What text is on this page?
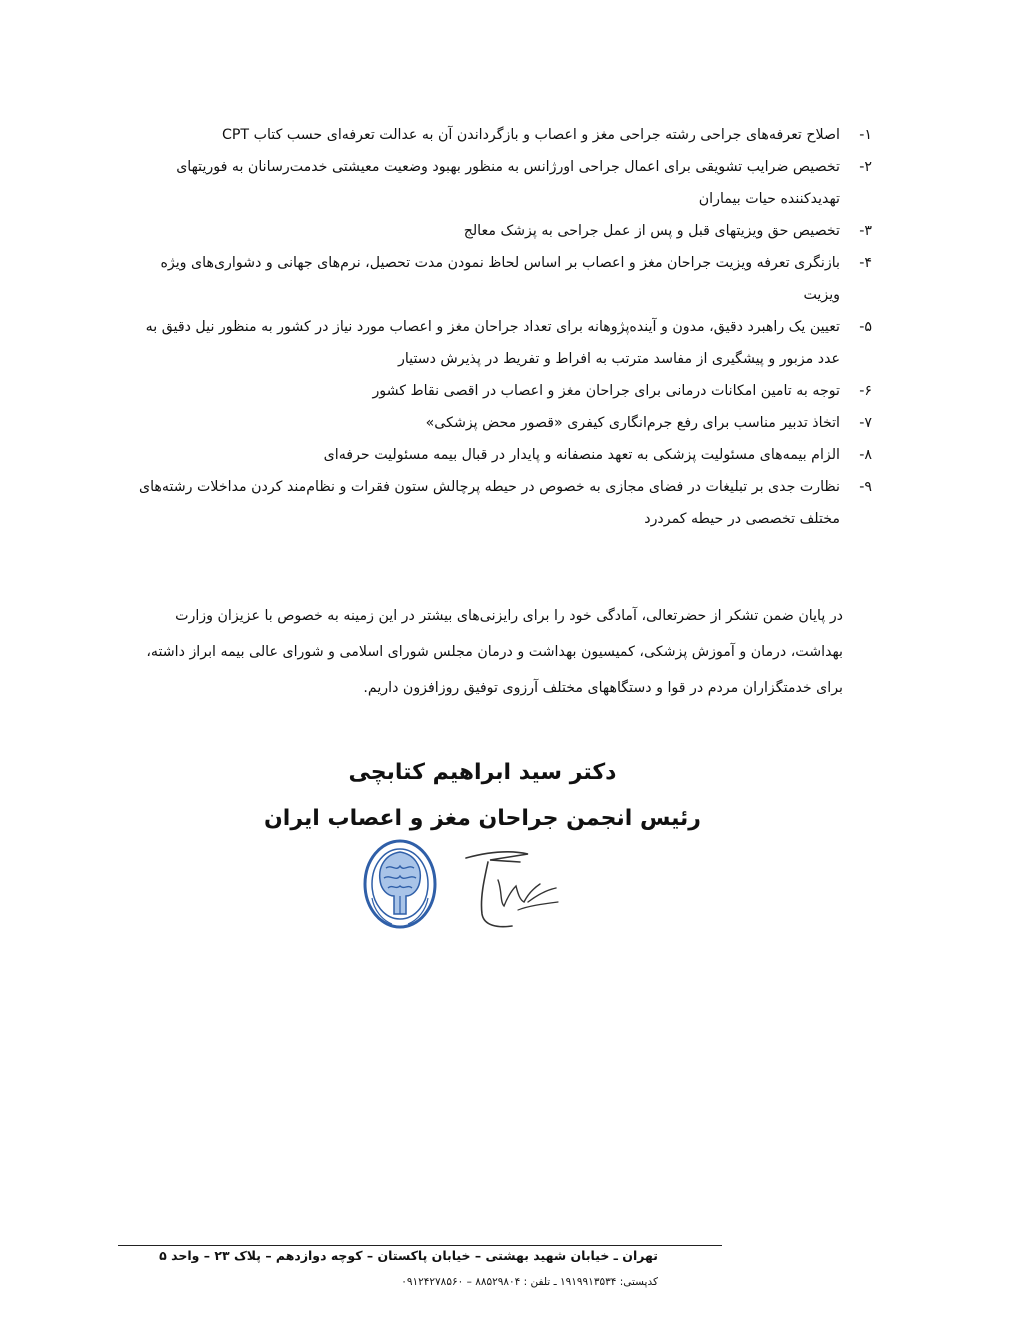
۱-
اصلاح تعرفه‌های جراحی رشته جراحی مغز و اعصاب و بازگرداندن آن به عدالت تعرفه‌ای حسب کتاب CPT
۲-
تخصیص ضرایب تشویقی برای اعمال جراحی اورژانس به منظور بهبود وضعیت معیشتی خدمت‌رسانان به فوریتهای تهدیدکننده حیات بیماران
۳-
تخصیص حق ویزیتهای قبل و پس از عمل جراحی به پزشک معالج
۴-
بازنگری تعرفه ویزیت جراحان مغز و اعصاب بر اساس لحاظ نمودن مدت تحصیل، نرم‌های جهانی و دشواری‌های ویژه ویزیت
۵-
تعیین یک راهبرد دقیق، مدون و آینده‌پژوهانه برای تعداد جراحان مغز و اعصاب مورد نیاز در کشور به منظور نیل دقیق به عدد مزبور و پیشگیری از مفاسد مترتب به افراط و تفریط در پذیرش دستیار
۶-
توجه به تامین امکانات درمانی برای جراحان مغز و اعصاب در اقصی نقاط کشور
۷-
اتخاذ تدبیر مناسب برای رفع جرم‌انگاری کیفری «قصور محض پزشکی»
۸-
الزام بیمه‌های مسئولیت پزشکی به تعهد منصفانه و پایدار در قبال بیمه مسئولیت حرفه‌ای
۹-
نظارت جدی بر تبلیغات در فضای مجازی به خصوص در حیطه پرچالش ستون فقرات و نظام‌مند کردن مداخلات رشته‌های مختلف تخصصی در حیطه کمردرد

در پایان ضمن تشکر از حضرتعالی، آمادگی خود را برای رایزنی‌های بیشتر در این زمینه به خصوص با عزیزان وزارت بهداشت، درمان و آموزش پزشکی، کمیسیون بهداشت و درمان مجلس شورای اسلامی و شورای عالی بیمه ابراز داشته، برای خدمتگزاران مردم در قوا و دستگاههای مختلف آرزوی توفیق روزافزون داریم.

دکتر سید ابراهیم کتابچی

رئیس انجمن جراحان مغز و اعصاب ایران

تهران ـ خیابان شهید بهشتی – خیابان پاکستان – کوچه دوازدهم – پلاک ۲۳ – واحد ۵

کدپستی: ۱۹۱۹۹۱۳۵۳۴ ـ تلفن : ۸۸۵۲۹۸۰۴ – ۰۹۱۲۴۲۷۸۵۶۰
